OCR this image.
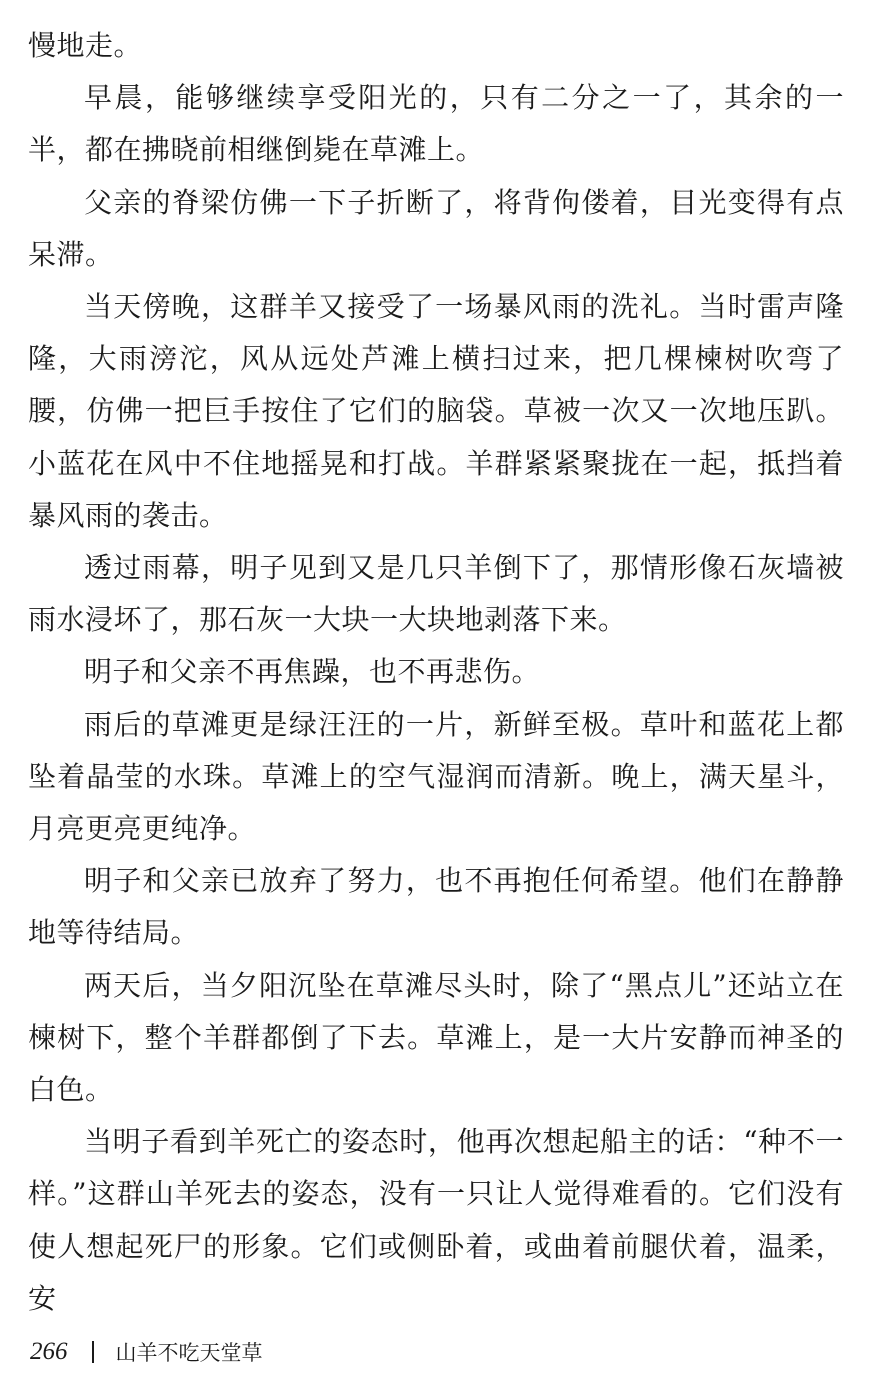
慢地走。

早晨，能够继续享受阳光的，只有二分之一了，其余的一半，都在拂晓前相继倒毙在草滩上。

父亲的脊梁仿佛一下子折断了，将背佝偻着，目光变得有点呆滞。

当天傍晚，这群羊又接受了一场暴风雨的洗礼。当时雷声隆隆，大雨滂沱，风从远处芦滩上横扫过来，把几棵楝树吹弯了腰，仿佛一把巨手按住了它们的脑袋。草被一次又一次地压趴。小蓝花在风中不住地摇晃和打战。羊群紧紧聚拢在一起，抵挡着暴风雨的袭击。

透过雨幕，明子见到又是几只羊倒下了，那情形像石灰墙被雨水浸坏了，那石灰一大块一大块地剥落下来。

明子和父亲不再焦躁，也不再悲伤。

雨后的草滩更是绿汪汪的一片，新鲜至极。草叶和蓝花上都坠着晶莹的水珠。草滩上的空气湿润而清新。晚上，满天星斗，月亮更亮更纯净。

明子和父亲已放弃了努力，也不再抱任何希望。他们在静静地等待结局。

两天后，当夕阳沉坠在草滩尽头时，除了“黑点儿”还站立在楝树下，整个羊群都倒了下去。草滩上，是一大片安静而神圣的白色。

当明子看到羊死亡的姿态时，他再次想起船主的话：“种不一样。”这群山羊死去的姿态，没有一只让人觉得难看的。它们没有使人想起死尸的形象。它们或侧卧着，或曲着前腿伏着，温柔，安

266 山羊不吃天堂草
